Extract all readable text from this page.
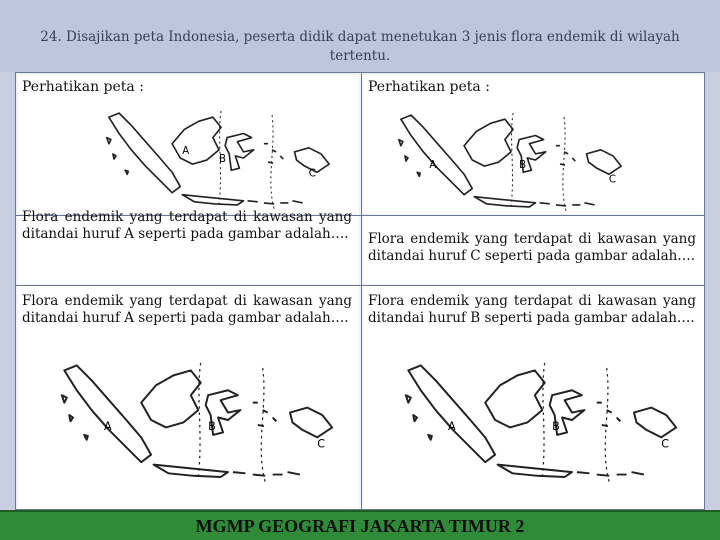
24. Disajikan peta Indonesia, peserta didik dapat menetukan 3 jenis flora endemik di wilayah tertentu.
Perhatikan peta :
A
B
C
Perhatikan peta :
A	B
C
Flora endemik yang terdapat di kawasan yang ditandai huruf A seperti pada gambar adalah…. Flora endemik yang terdapat di kawasan yang ditandai huruf C seperti pada gambar adalah….
Flora endemik yang terdapat di kawasan yang ditandai huruf A seperti pada gambar adalah….
Flora endemik yang terdapat di kawasan yang ditandai huruf B seperti pada gambar adalah….
A	B
C
A	B
C
MGMP GEOGRAFI JAKARTA TIMUR 2
